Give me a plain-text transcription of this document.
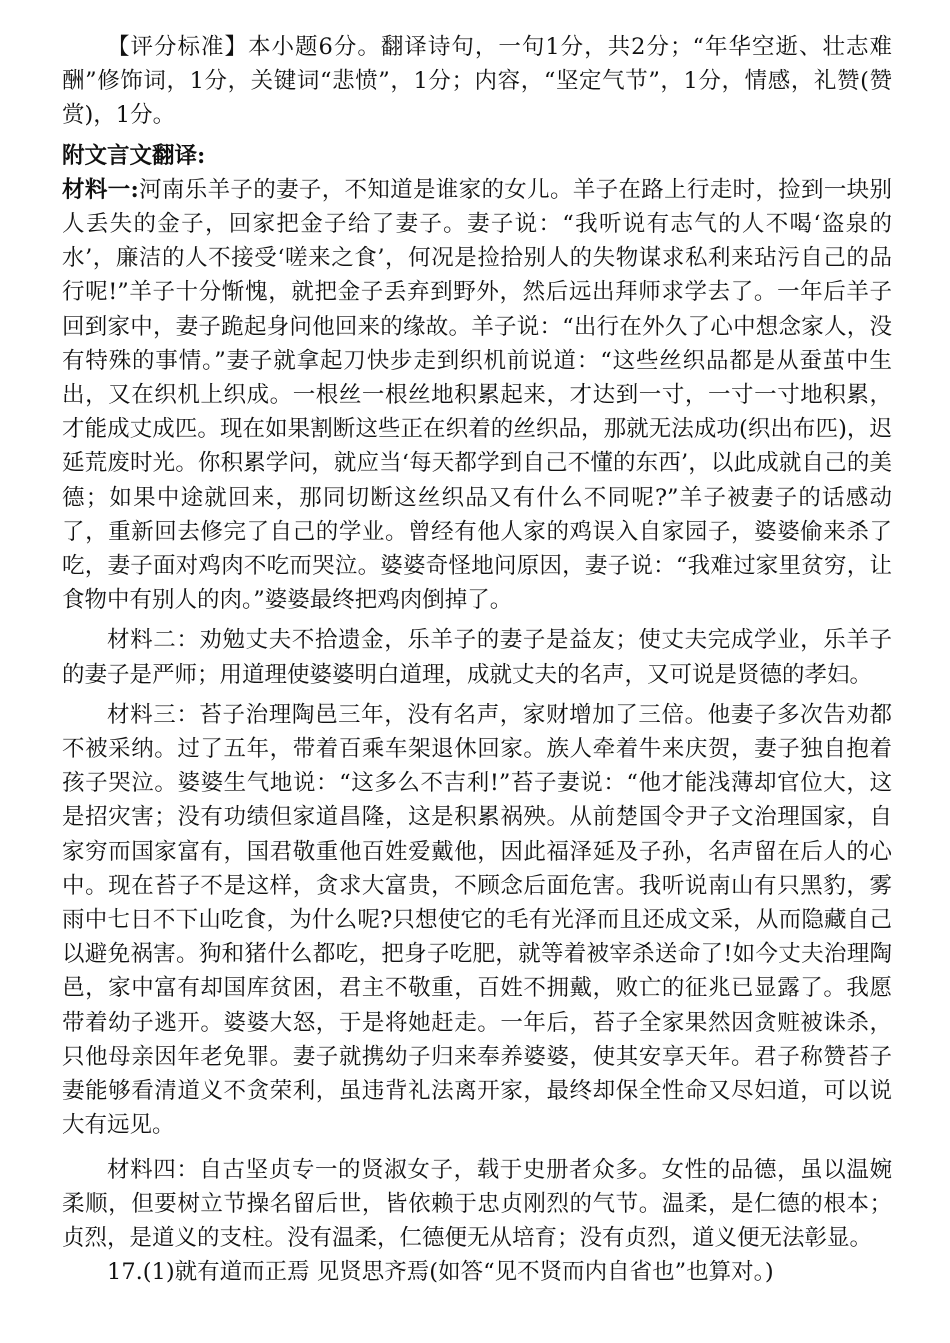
【评分标准】本小题6分。翻译诗句，一句1分，共2分；“年华空逝、壮志难酬”修饰词，1分，关键词“悲愤”，1分；内容，“坚定气节”，1分，情感，礼赞(赞赏)，1分。

附文言文翻译:

材料一:河南乐羊子的妻子，不知道是谁家的女儿。羊子在路上行走时，捡到一块别人丢失的金子，回家把金子给了妻子。妻子说：“我听说有志气的人不喝‘盗泉的水’，廉洁的人不接受‘嗟来之食’，何况是捡拾别人的失物谋求私利来玷污自己的品行呢!”羊子十分惭愧，就把金子丢弃到野外，然后远出拜师求学去了。一年后羊子回到家中，妻子跪起身问他回来的缘故。羊子说：“出行在外久了心中想念家人，没有特殊的事情。”妻子就拿起刀快步走到织机前说道：“这些丝织品都是从蚕茧中生出，又在织机上织成。一根丝一根丝地积累起来，才达到一寸，一寸一寸地积累，才能成丈成匹。现在如果割断这些正在织着的丝织品，那就无法成功(织出布匹)，迟延荒废时光。你积累学问，就应当‘每天都学到自己不懂的东西’，以此成就自己的美德；如果中途就回来，那同切断这丝织品又有什么不同呢?”羊子被妻子的话感动了，重新回去修完了自己的学业。曾经有他人家的鸡误入自家园子，婆婆偷来杀了吃，妻子面对鸡肉不吃而哭泣。婆婆奇怪地问原因，妻子说：“我难过家里贫穷，让食物中有别人的肉。”婆婆最终把鸡肉倒掉了。

材料二：劝勉丈夫不拾遗金，乐羊子的妻子是益友；使丈夫完成学业，乐羊子的妻子是严师；用道理使婆婆明白道理，成就丈夫的名声，又可说是贤德的孝妇。

材料三：苔子治理陶邑三年，没有名声，家财增加了三倍。他妻子多次告劝都不被采纳。过了五年，带着百乘车架退休回家。族人牵着牛来庆贺，妻子独自抱着孩子哭泣。婆婆生气地说：“这多么不吉利!”苔子妻说：“他才能浅薄却官位大，这是招灾害；没有功绩但家道昌隆，这是积累祸殃。从前楚国令尹子文治理国家，自家穷而国家富有，国君敬重他百姓爱戴他，因此福泽延及子孙，名声留在后人的心中。现在苔子不是这样，贪求大富贵，不顾念后面危害。我听说南山有只黑豹，雾雨中七日不下山吃食，为什么呢?只想使它的毛有光泽而且还成文采，从而隐藏自己以避免祸害。狗和猪什么都吃，把身子吃肥，就等着被宰杀送命了!如今丈夫治理陶邑，家中富有却国库贫困，君主不敬重，百姓不拥戴，败亡的征兆已显露了。我愿带着幼子逃开。婆婆大怒，于是将她赶走。一年后，苔子全家果然因贪赃被诛杀，只他母亲因年老免罪。妻子就携幼子归来奉养婆婆，使其安享天年。君子称赞苔子妻能够看清道义不贪荣利，虽违背礼法离开家，最终却保全性命又尽妇道，可以说大有远见。

材料四：自古坚贞专一的贤淑女子，载于史册者众多。女性的品德，虽以温婉柔顺，但要树立节操名留后世，皆依赖于忠贞刚烈的气节。温柔，是仁德的根本；贞烈，是道义的支柱。没有温柔，仁德便无从培育；没有贞烈，道义便无法彰显。

17.(1)就有道而正焉 见贤思齐焉(如答“见不贤而内自省也”也算对。)
